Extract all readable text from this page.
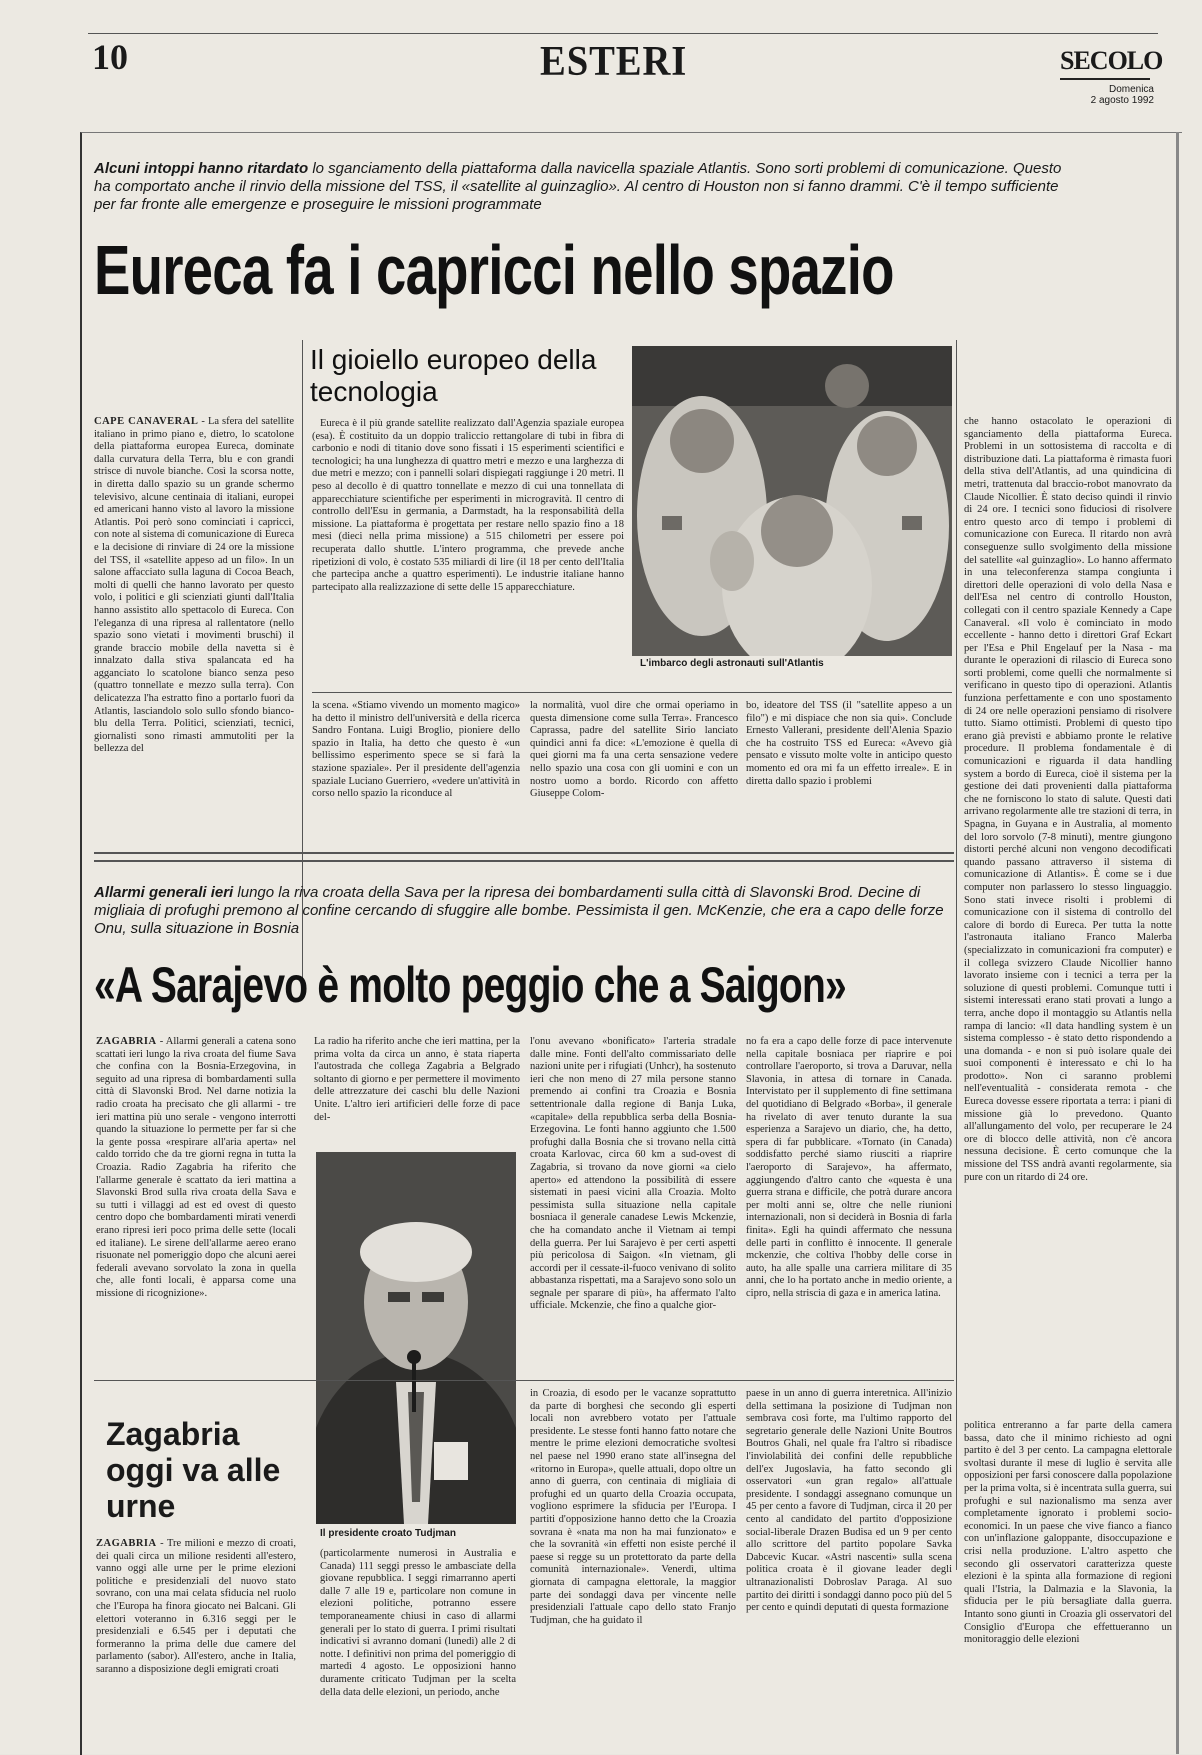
10	ESTERI	SECOLO
Domenica
2 agosto 1992
Alcuni intoppi hanno ritardato lo sganciamento della piattaforma dalla navicella spaziale Atlantis. Sono sorti problemi di comunicazione. Questo ha comportato anche il rinvio della missione del TSS, il «satellite al guinzaglio». Al centro di Houston non si fanno drammi. C'è il tempo sufficiente per far fronte alle emergenze e proseguire le missioni programmate
Eureca fa i capricci nello spazio

CAPE CANAVERAL - La sfera del satellite italiano in primo piano e, dietro, lo scatolone della piattaforma europea Eureca, dominate dalla curvatura della Terra, blu e con grandi strisce di nuvole bianche. Così la scorsa notte, in diretta dallo spazio su un grande schermo televisivo, alcune centinaia di italiani, europei ed americani hanno visto al lavoro la missione Atlantis. Poi però sono cominciati i capricci, con note al sistema di comunicazione di Eureca e la decisione di rinviare di 24 ore la missione del TSS, il «satellite appeso ad un filo». In un salone affacciato sulla laguna di Cocoa Beach, molti di quelli che hanno lavorato per questo volo, i politici e gli scienziati giunti dall'Italia hanno assistito allo spettacolo di Eureca. Con l'eleganza di una ripresa al rallentatore (nello spazio sono vietati i movimenti bruschi) il grande braccio mobile della navetta si è innalzato dalla stiva spalancata ed ha agganciato lo scatolone bianco senza peso (quattro tonnellate e mezzo sulla terra). Con delicatezza l'ha estratto fino a portarlo fuori da Atlantis, lasciandolo solo sullo sfondo bianco-blu della Terra. Politici, scienziati, tecnici, giornalisti sono rimasti ammutoliti per la bellezza del

Il gioiello europeo della tecnologia

Eureca è il più grande satellite realizzato dall'Agenzia spaziale europea (esa). È costituito da un doppio traliccio rettangolare di tubi in fibra di carbonio e nodi di titanio dove sono fissati i 15 esperimenti scientifici e tecnologici; ha una lunghezza di quattro metri e mezzo e una larghezza di due metri e mezzo; con i pannelli solari dispiegati raggiunge i 20 metri. Il peso al decollo è di quattro tonnellate e mezzo di cui una tonnellata di apparecchiature scientifiche per esperimenti in microgravità. Il centro di controllo dell'Esu in germania, a Darmstadt, ha la responsabilità della missione. La piattaforma è progettata per restare nello spazio fino a 18 mesi (dieci nella prima missione) a 515 chilometri per essere poi recuperata dallo shuttle. L'intero programma, che prevede anche ripetizioni di volo, è costato 535 miliardi di lire (il 18 per cento dell'Italia che partecipa anche a quattro esperimenti). Le industrie italiane hanno partecipato alla realizzazione di sette delle 15 apparecchiature.

L'imbarco degli astronauti sull'Atlantis

la scena. «Stiamo vivendo un momento magico» ha detto il ministro dell'università e della ricerca Sandro Fontana. Luigi Broglio, pioniere dello spazio in Italia, ha detto che questo è «un bellissimo esperimento spece se si farà la stazione spaziale». Per il presidente dell'agenzia spaziale Luciano Guerriero, «vedere un'attività in corso nello spazio la riconduce al

la normalità, vuol dire che ormai operiamo in questa dimensione come sulla Terra». Francesco Caprassa, padre del satellite Sirio lanciato quindici anni fa dice: «L'emozione è quella di quei giorni ma fa una certa sensazione vedere nello spazio una cosa con gli uomini e con un nostro uomo a bordo. Ricordo con affetto Giuseppe Colom-

bo, ideatore del TSS (il "satellite appeso a un filo") e mi dispiace che non sia qui». Conclude Ernesto Vallerani, presidente dell'Alenia Spazio che ha costruito TSS ed Eureca: «Avevo già pensato e vissuto molte volte in anticipo questo momento ed ora mi fa un effetto irreale». E in diretta dallo spazio i problemi

che hanno ostacolato le operazioni di sganciamento della piattaforma Eureca. Problemi in un sottosistema di raccolta e di distribuzione dati. La piattaforma è rimasta fuori della stiva dell'Atlantis, ad una quindicina di metri, trattenuta dal braccio-robot manovrato da Claude Nicollier. È stato deciso quindi il rinvio di 24 ore. I tecnici sono fiduciosi di risolvere entro questo arco di tempo i problemi di comunicazione con Eureca. Il ritardo non avrà conseguenze sullo svolgimento della missione del satellite «al guinzaglio». Lo hanno affermato in una teleconferenza stampa congiunta i direttori delle operazioni di volo della Nasa e dell'Esa nel centro di controllo Houston, collegati con il centro spaziale Kennedy a Cape Canaveral. «Il volo è cominciato in modo eccellente - hanno detto i direttori Graf Eckart per l'Esa e Phil Engelauf per la Nasa - ma durante le operazioni di rilascio di Eureca sono sorti problemi, come quelli che normalmente si verificano in questo tipo di operazioni. Atlantis funziona perfettamente e con uno spostamento di 24 ore nelle operazioni pensiamo di risolvere tutto. Siamo ottimisti. Problemi di questo tipo erano già previsti e abbiamo pronte le relative procedure. Il problema fondamentale è di comunicazioni e riguarda il data handling system a bordo di Eureca, cioè il sistema per la gestione dei dati provenienti dalla piattaforma che ne forniscono lo stato di salute. Questi dati arrivano regolarmente alle tre stazioni di terra, in Spagna, in Guyana e in Australia, al momento del loro sorvolo (7-8 minuti), mentre giungono distorti perché alcuni non vengono decodificati quando passano attraverso il sistema di comunicazione di Atlantis». È come se i due computer non parlassero lo stesso linguaggio. Sono stati invece risolti i problemi di comunicazione con il sistema di controllo del calore di bordo di Eureca. Per tutta la notte l'astronauta italiano Franco Malerba (specializzato in comunicazioni fra computer) e il collega svizzero Claude Nicollier hanno lavorato insieme con i tecnici a terra per la soluzione di questi problemi. Comunque tutti i sistemi interessati erano stati provati a lungo a terra, anche dopo il montaggio su Atlantis nella rampa di lancio: «Il data handling system è un sistema complesso - è stato detto rispondendo a una domanda - e non si può isolare quale dei suoi componenti è interessato e chi lo ha prodotto». Non ci saranno problemi nell'eventualità - considerata remota - che Eureca dovesse essere riportata a terra: i piani di missione già lo prevedono. Quanto all'allungamento del volo, per recuperare le 24 ore di blocco delle attività, non c'è ancora nessuna decisione. È certo comunque che la missione del TSS andrà avanti regolarmente, sia pure con un ritardo di 24 ore.

Allarmi generali ieri lungo la riva croata della Sava per la ripresa dei bombardamenti sulla città di Slavonski Brod. Decine di migliaia di profughi premono al confine cercando di sfuggire alle bombe. Pessimista il gen. McKenzie, che era a capo delle forze Onu, sulla situazione in Bosnia
«A Sarajevo è molto peggio che a Saigon»

ZAGABRIA - Allarmi generali a catena sono scattati ieri lungo la riva croata del fiume Sava che confina con la Bosnia-Erzegovina, in seguito ad una ripresa di bombardamenti sulla città di Slavonski Brod. Nel darne notizia la radio croata ha precisato che gli allarmi - tre ieri mattina più uno serale - vengono interrotti quando la situazione lo permette per far sì che la gente possa «respirare all'aria aperta» nel caldo torrido che da tre giorni regna in tutta la Croazia. Radio Zagabria ha riferito che l'allarme generale è scattato da ieri mattina a Slavonski Brod sulla riva croata della Sava e su tutti i villaggi ad est ed ovest di questo centro dopo che bombardamenti mirati venerdì erano ripresi ieri poco prima delle sette (locali ed italiane). Le sirene dell'allarme aereo erano risuonate nel pomeriggio dopo che alcuni aerei federali avevano sorvolato la zona in quella che, alle fonti locali, è apparsa come una missione di ricognizione».

La radio ha riferito anche che ieri mattina, per la prima volta da circa un anno, è stata riaperta l'autostrada che collega Zagabria a Belgrado soltanto di giorno e per permettere il movimento delle attrezzature dei caschi blu delle Nazioni Unite. L'altro ieri artificieri delle forze di pace del-

Il presidente croato Tudjman

l'onu avevano «bonificato» l'arteria stradale dalle mine. Fonti dell'alto commissariato delle nazioni unite per i rifugiati (Unhcr), ha sostenuto ieri che non meno di 27 mila persone stanno premendo ai confini tra Croazia e Bosnia settentrionale dalla regione di Banja Luka, «capitale» della repubblica serba della Bosnia-Erzegovina. Le fonti hanno aggiunto che 1.500 profughi dalla Bosnia che si trovano nella città croata Karlovac, circa 60 km a sud-ovest di Zagabria, si trovano da nove giorni «a cielo aperto» ed attendono la possibilità di essere sistemati in paesi vicini alla Croazia. Molto pessimista sulla situazione nella capitale bosniaca il generale canadese Lewis Mckenzie, che ha comandato anche il Vietnam ai tempi della guerra. Per lui Sarajevo è per certi aspetti più pericolosa di Saigon. «In vietnam, gli accordi per il cessate-il-fuoco venivano di solito abbastanza rispettati, ma a Sarajevo sono solo un segnale per sparare di più», ha affermato l'alto ufficiale. Mckenzie, che fino a qualche gior-

no fa era a capo delle forze di pace intervenute nella capitale bosniaca per riaprire e poi controllare l'aeroporto, si trova a Daruvar, nella Slavonia, in attesa di tornare in Canada. Intervistato per il supplemento di fine settimana del quotidiano di Belgrado «Borba», il generale ha rivelato di aver tenuto durante la sua esperienza a Sarajevo un diario, che, ha detto, spera di far pubblicare. «Tornato (in Canada) soddisfatto perché siamo riusciti a riaprire l'aeroporto di Sarajevo», ha affermato, aggiungendo d'altro canto che «questa è una guerra strana e difficile, che potrà durare ancora per molti anni se, oltre che nelle riunioni internazionali, non si deciderà in Bosnia di farla finita». Egli ha quindi affermato che nessuna delle parti in conflitto è innocente. Il generale mckenzie, che coltiva l'hobby delle corse in auto, ha alle spalle una carriera militare di 35 anni, che lo ha portato anche in medio oriente, a cipro, nella striscia di gaza e in america latina.

Zagabria oggi va alle urne

ZAGABRIA - Tre milioni e mezzo di croati, dei quali circa un milione residenti all'estero, vanno oggi alle urne per le prime elezioni politiche e presidenziali del nuovo stato sovrano, con una mai celata sfiducia nel ruolo che l'Europa ha finora giocato nei Balcani. Gli elettori voteranno in 6.316 seggi per le presidenziali e 6.545 per i deputati che formeranno la prima delle due camere del parlamento (sabor). All'estero, anche in Italia, saranno a disposizione degli emigrati croati

(particolarmente numerosi in Australia e Canada) 111 seggi presso le ambasciate della giovane repubblica. I seggi rimarranno aperti dalle 7 alle 19 e, particolare non comune in elezioni politiche, potranno essere temporaneamente chiusi in caso di allarmi generali per lo stato di guerra. I primi risultati indicativi si avranno domani (lunedì) alle 2 di notte. I definitivi non prima del pomeriggio di martedì 4 agosto. Le opposizioni hanno duramente criticato Tudjman per la scelta della data delle elezioni, un periodo, anche

in Croazia, di esodo per le vacanze soprattutto da parte di borghesi che secondo gli esperti locali non avrebbero votato per l'attuale presidente. Le stesse fonti hanno fatto notare che mentre le prime elezioni democratiche svoltesi nel paese nel 1990 erano state all'insegna del «ritorno in Europa», quelle attuali, dopo oltre un anno di guerra, con centinaia di migliaia di profughi ed un quarto della Croazia occupata, vogliono esprimere la sfiducia per l'Europa. I partiti d'opposizione hanno detto che la Croazia sovrana è «nata ma non ha mai funzionato» e che la sovranità «in effetti non esiste perché il paese si regge su un protettorato da parte della comunità internazionale». Venerdì, ultima giornata di campagna elettorale, la maggior parte dei sondaggi dava per vincente nelle presidenziali l'attuale capo dello stato Franjo Tudjman, che ha guidato il

paese in un anno di guerra interetnica. All'inizio della settimana la posizione di Tudjman non sembrava così forte, ma l'ultimo rapporto del segretario generale delle Nazioni Unite Boutros Boutros Ghali, nel quale fra l'altro si ribadisce l'inviolabilità dei confini delle repubbliche dell'ex Jugoslavia, ha fatto secondo gli osservatori «un gran regalo» all'attuale presidente. I sondaggi assegnano comunque un 45 per cento a favore di Tudjman, circa il 20 per cento al candidato del partito d'opposizione social-liberale Drazen Budisa ed un 9 per cento allo scrittore del partito popolare Savka Dabcevic Kucar. «Astri nascenti» sulla scena politica croata è il giovane leader degli ultranazionalisti Dobroslav Paraga. Al suo partito dei diritti i sondaggi danno poco più del 5 per cento e quindi deputati di questa formazione

politica entreranno a far parte della camera bassa, dato che il minimo richiesto ad ogni partito è del 3 per cento. La campagna elettorale svoltasi durante il mese di luglio è servita alle opposizioni per farsi conoscere dalla popolazione per la prima volta, si è incentrata sulla guerra, sui profughi e sul nazionalismo ma senza aver completamente ignorato i problemi socio-economici. In un paese che vive fianco a fianco con un'inflazione galoppante, disoccupazione e crisi nella produzione. L'altro aspetto che secondo gli osservatori caratterizza queste elezioni è la spinta alla formazione di regioni quali l'Istria, la Dalmazia e la Slavonia, la sfiducia per le più bersagliate dalla guerra. Intanto sono giunti in Croazia gli osservatori del Consiglio d'Europa che effettueranno un monitoraggio delle elezioni
